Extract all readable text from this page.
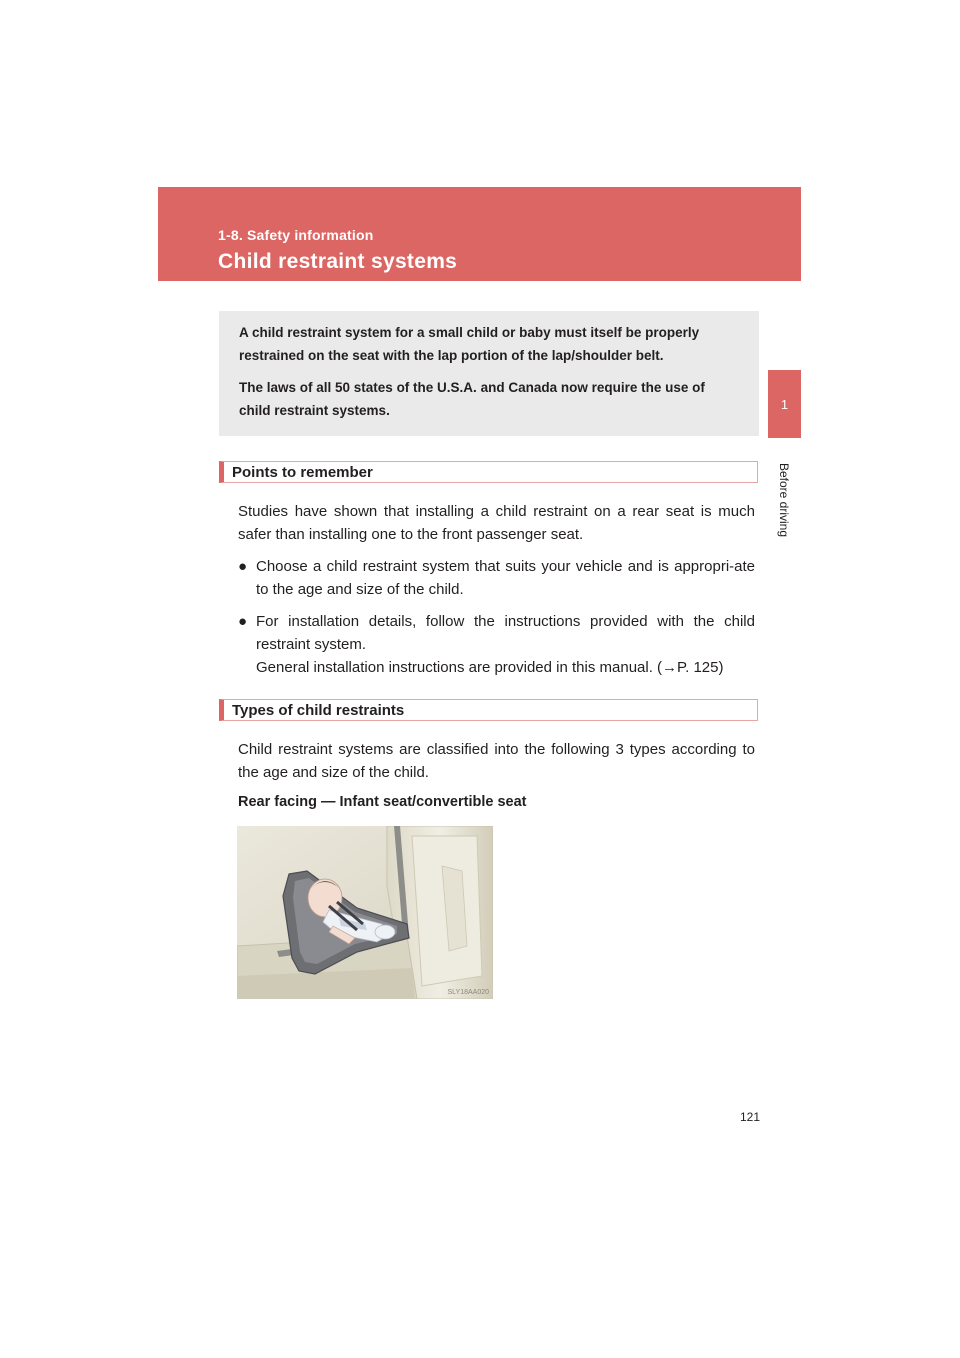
1-8. Safety information
Child restraint systems
1
Before driving

A child restraint system for a small child or baby must itself be properly restrained on the seat with the lap portion of the lap/shoulder belt.

The laws of all 50 states of the U.S.A. and Canada now require the use of child restraint systems.

Points to remember

Studies have shown that installing a child restraint on a rear seat is much safer than installing one to the front passenger seat.

● Choose a child restraint system that suits your vehicle and is appropri-ate to the age and size of the child.
● For installation details, follow the instructions provided with the child restraint system.
General installation instructions are provided in this manual. (→P. 125)
Types of child restraints

Child restraint systems are classified into the following 3 types according to the age and size of the child.

Rear facing — Infant seat/convertible seat
SLY18AA020
121
